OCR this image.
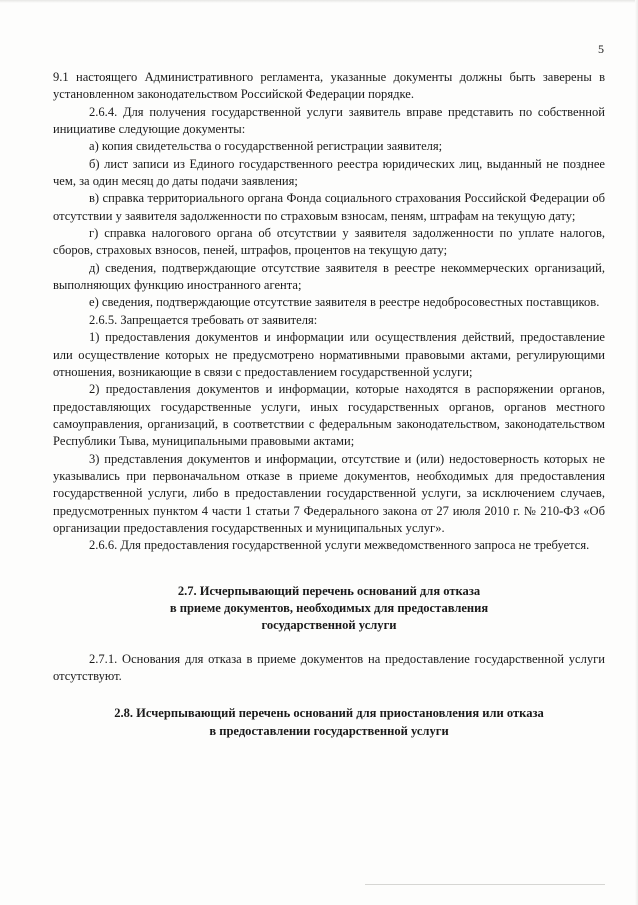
5

9.1 настоящего Административного регламента, указанные документы должны быть заверены в установленном законодательством Российской Федерации порядке.

2.6.4. Для получения государственной услуги заявитель вправе представить по собственной инициативе следующие документы:

а) копия свидетельства о государственной регистрации заявителя;

б) лист записи из Единого государственного реестра юридических лиц, выданный не позднее чем, за один месяц до даты подачи заявления;

в) справка территориального органа Фонда социального страхования Российской Федерации об отсутствии у заявителя задолженности по страховым взносам, пеням, штрафам на текущую дату;

г) справка налогового органа об отсутствии у заявителя задолженности по уплате налогов, сборов, страховых взносов, пеней, штрафов, процентов на текущую дату;

д) сведения, подтверждающие отсутствие заявителя в реестре некоммерческих организаций, выполняющих функцию иностранного агента;

е) сведения, подтверждающие отсутствие заявителя в реестре недобросовестных поставщиков.

2.6.5. Запрещается требовать от заявителя:

1) предоставления документов и информации или осуществления действий, предоставление или осуществление которых не предусмотрено нормативными правовыми актами, регулирующими отношения, возникающие в связи с предоставлением государственной услуги;

2) предоставления документов и информации, которые находятся в распоряжении органов, предоставляющих государственные услуги, иных государственных органов, органов местного самоуправления, организаций, в соответствии с федеральным законодательством, законодательством Республики Тыва, муниципальными правовыми актами;

3) представления документов и информации, отсутствие и (или) недостоверность которых не указывались при первоначальном отказе в приеме документов, необходимых для предоставления государственной услуги, либо в предоставлении государственной услуги, за исключением случаев, предусмотренных пунктом 4 части 1 статьи 7 Федерального закона от 27 июля 2010 г. № 210-ФЗ «Об организации предоставления государственных и муниципальных услуг».

2.6.6. Для предоставления государственной услуги межведомственного запроса не требуется.

2.7. Исчерпывающий перечень оснований для отказа
в приеме документов, необходимых для предоставления
государственной услуги

2.7.1. Основания для отказа в приеме документов на предоставление государственной услуги отсутствуют.

2.8. Исчерпывающий перечень оснований для приостановления или отказа
в предоставлении государственной услуги
